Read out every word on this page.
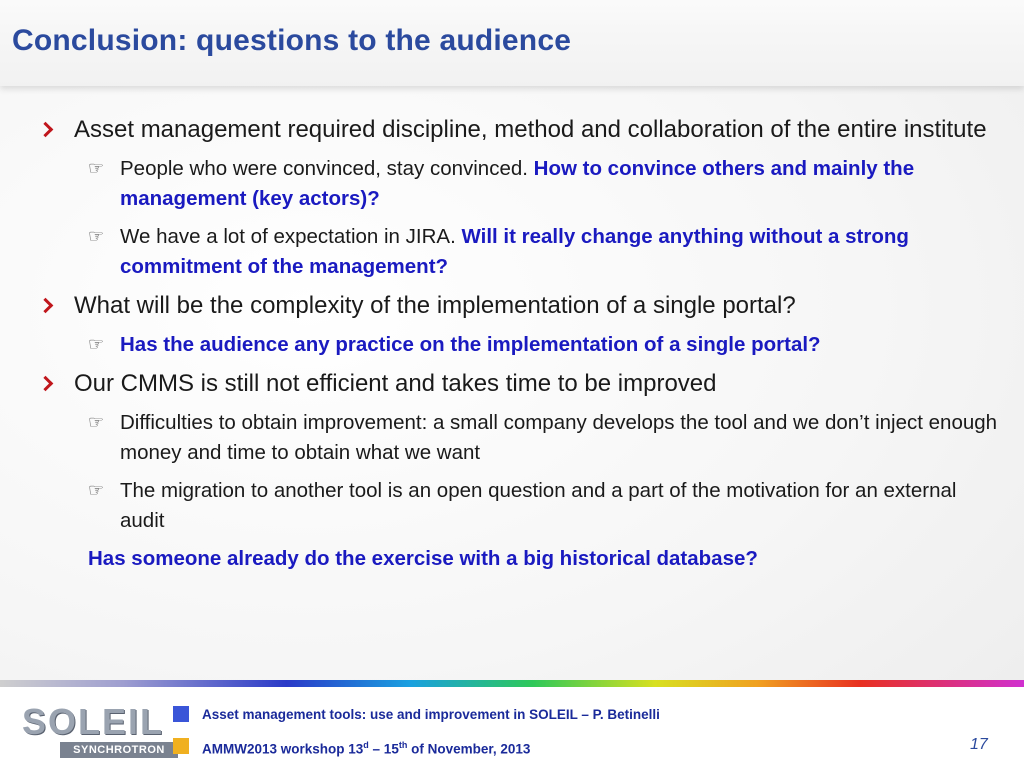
Conclusion: questions to the audience
Asset management required discipline, method and collaboration of the entire institute
☞ People who were convinced, stay convinced. How to convince others and mainly the management (key actors)?
☞ We have a lot of expectation in JIRA. Will it really change anything without a strong commitment of the management?
What will be the complexity of the implementation of a single portal?
☞ Has the audience any practice on the implementation of a single portal?
Our CMMS is still not efficient and takes time to be improved
☞ Difficulties to obtain improvement: a small company develops the tool and we don’t inject enough money and time to obtain what we want
☞ The migration to another tool is an open question and a part of the motivation for an external audit
Has someone already do the exercise with a big historical database?
SOLEIL
SYNCHROTRON
Asset management tools: use and improvement in SOLEIL – P. Betinelli
AMMW2013 workshop 13$^d$ – 15th of November, 2013	17
